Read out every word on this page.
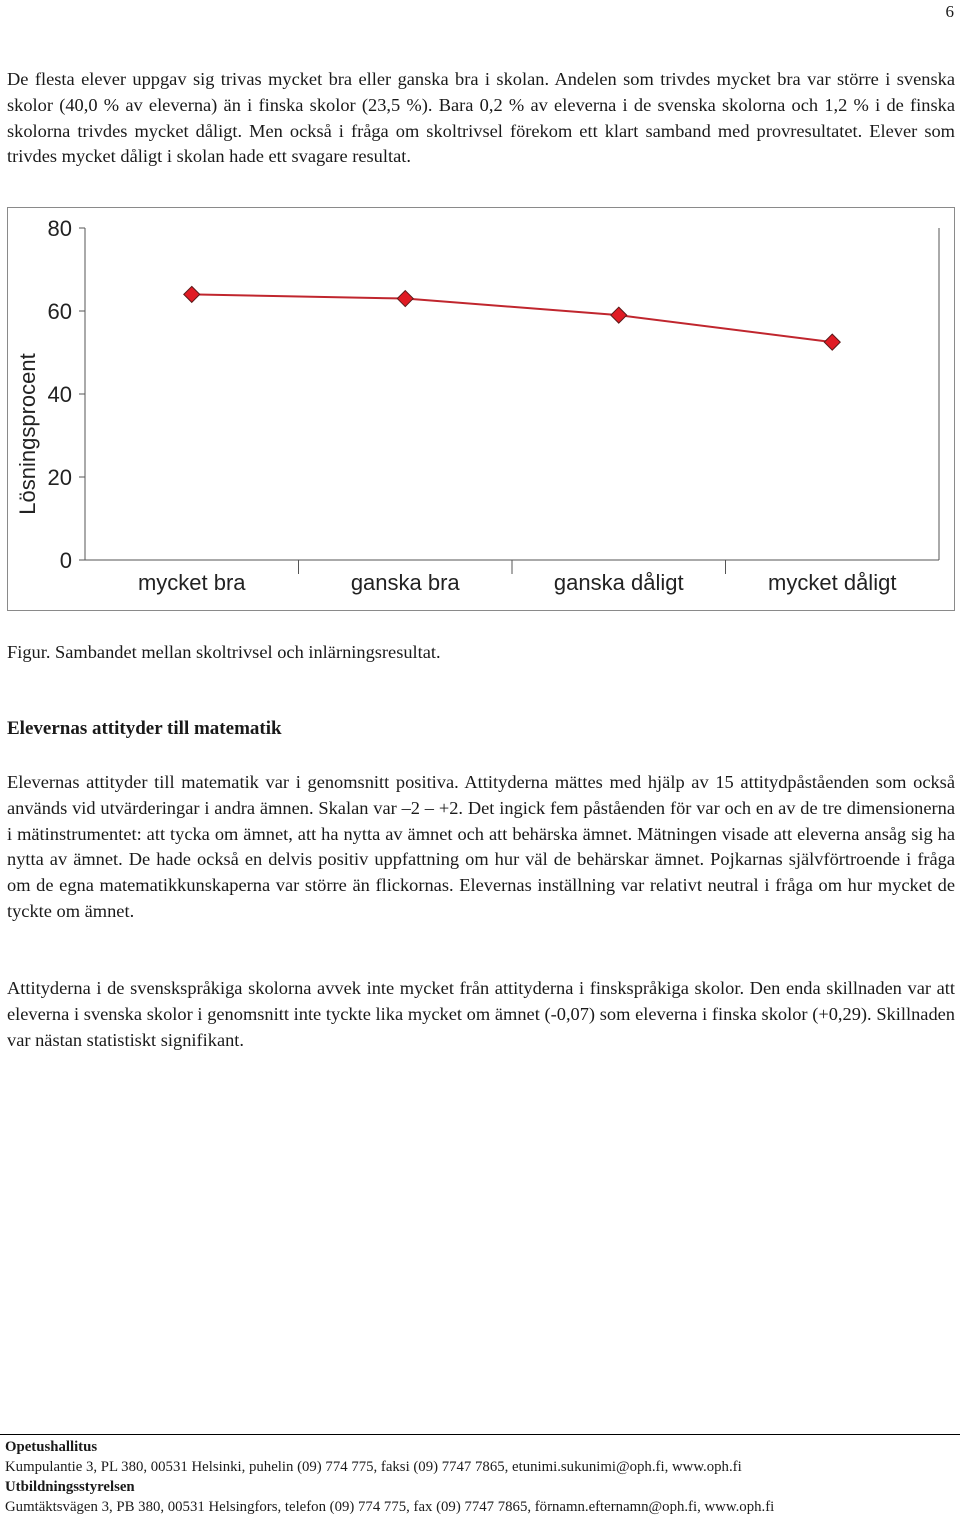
6

De flesta elever uppgav sig trivas mycket bra eller ganska bra i skolan. Andelen som trivdes mycket bra var större i svenska skolor (40,0 % av eleverna) än i finska skolor (23,5 %). Bara 0,2 % av eleverna i de svenska skolorna och 1,2 % i de finska skolorna trivdes mycket dåligt. Men också i fråga om skoltrivsel förekom ett klart samband med provresultatet. Elever som trivdes mycket dåligt i skolan hade ett svagare resultat.

0
20
40
60
80
Lösningsprocent
mycket bra	ganska bra	ganska dåligt	mycket dåligt

Figur. Sambandet mellan skoltrivsel och inlärningsresultat.

Elevernas attityder till matematik

Elevernas attityder till matematik var i genomsnitt positiva. Attityderna mättes med hjälp av 15 attitydpåståenden som också används vid utvärderingar i andra ämnen. Skalan var –2 – +2. Det ingick fem påståenden för var och en av de tre dimensionerna i mätinstrumentet: att tycka om ämnet, att ha nytta av ämnet och att behärska ämnet. Mätningen visade att eleverna ansåg sig ha nytta av ämnet. De hade också en delvis positiv uppfattning om hur väl de behärskar ämnet. Pojkarnas självförtroende i fråga om de egna matematikkunskaperna var större än flickornas. Elevernas inställning var relativt neutral i fråga om hur mycket de tyckte om ämnet.

Attityderna i de svenskspråkiga skolorna avvek inte mycket från attityderna i finskspråkiga skolor. Den enda skillnaden var att eleverna i svenska skolor i genomsnitt inte tyckte lika mycket om ämnet (-0,07) som eleverna i finska skolor (+0,29). Skillnaden var nästan statistiskt signifikant.

Opetushallitus
Kumpulantie 3, PL 380, 00531 Helsinki, puhelin (09) 774 775, faksi (09) 7747 7865, etunimi.sukunimi@oph.fi, www.oph.fi
Utbildningsstyrelsen
Gumtäktsvägen 3, PB 380, 00531 Helsingfors, telefon (09) 774 775, fax (09) 7747 7865, förnamn.efternamn@oph.fi, www.oph.fi
